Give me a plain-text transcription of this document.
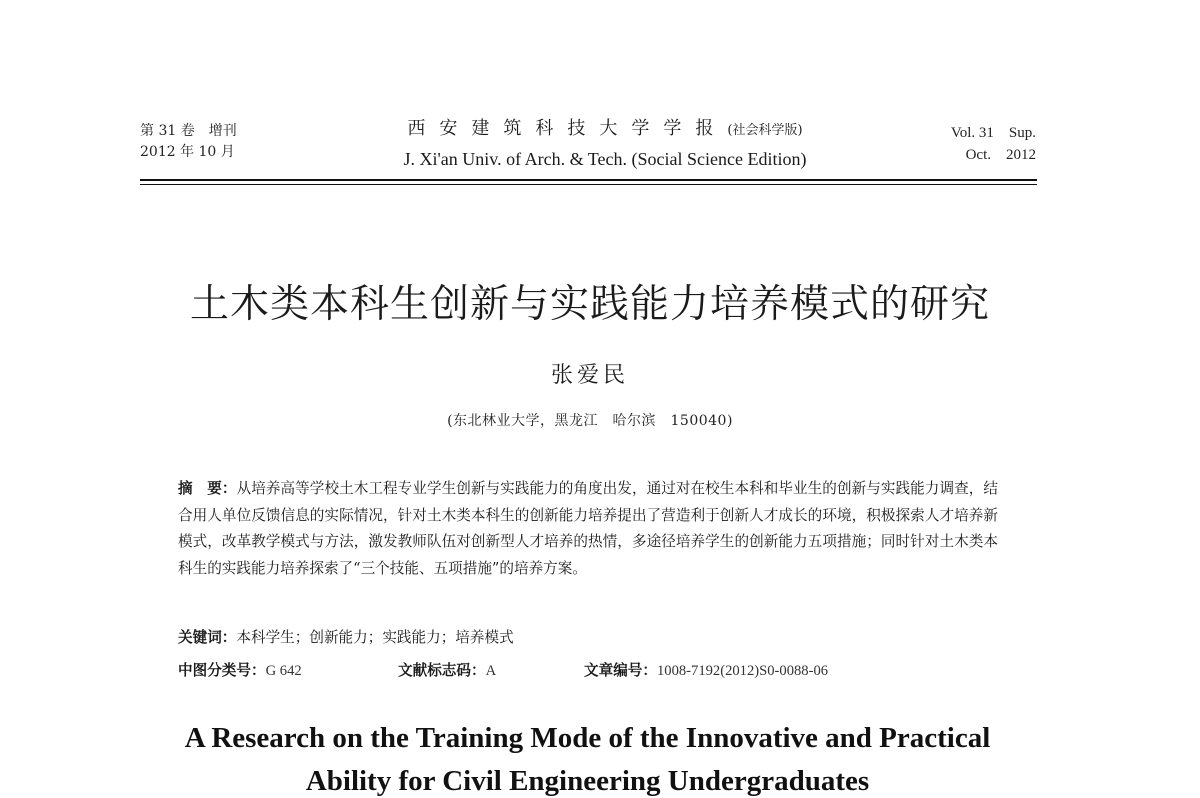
第 31 卷　增刊
2012 年 10 月
西安建筑科技大学学报(社会科学版)
J. Xi'an Univ. of Arch. & Tech. (Social Science Edition)
Vol. 31　Sup.
Oct.　2012
土木类本科生创新与实践能力培养模式的研究
张爱民
(东北林业大学，黑龙江　哈尔滨　150040)
摘　要：从培养高等学校土木工程专业学生创新与实践能力的角度出发，通过对在校生本科和毕业生的创新与实践能力调查，结合用人单位反馈信息的实际情况，针对土木类本科生的创新能力培养提出了营造利于创新人才成长的环境，积极探索人才培养新模式，改革教学模式与方法，激发教师队伍对创新型人才培养的热情，多途径培养学生的创新能力五项措施；同时针对土木类本科生的实践能力培养探索了“三个技能、五项措施”的培养方案。
关键词：本科学生；创新能力；实践能力；培养模式
中图分类号：G 642	文献标志码：A	文章编号：1008-7192(2012)S0-0088-06
A Research on the Training Mode of the Innovative and Practical
Ability for Civil Engineering Undergraduates
